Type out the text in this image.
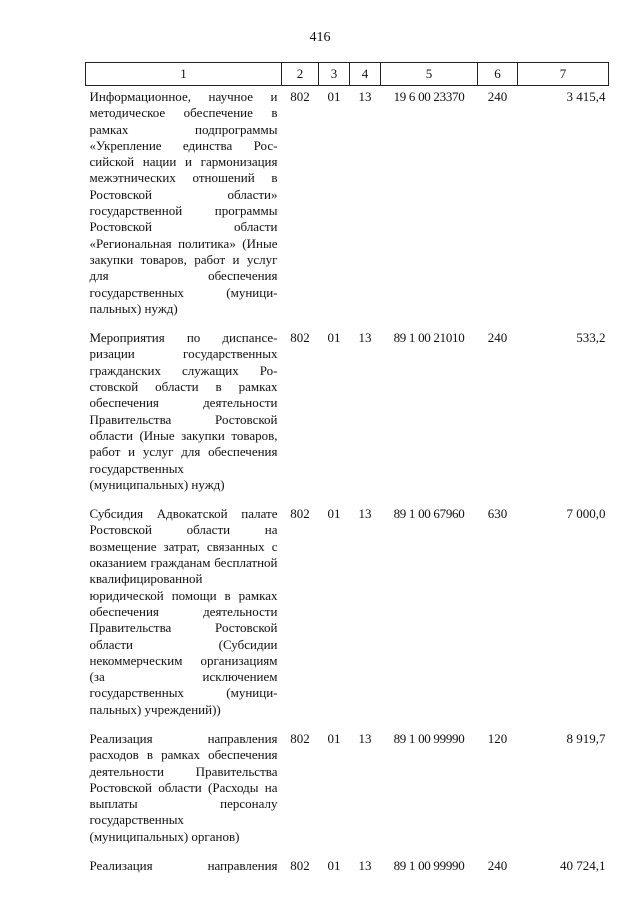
416
1	2	3	4	5	6	7
Информационное, научное и методическое обеспечение в рамках подпрограммы «Укрепление единства Российской нации и гармонизация межэтнических отношений в Ростовской области» государственной программы Ростовской области «Региональная политика» (Иные закупки товаров, работ и услуг для обеспечения государственных (муниципальных) нужд)	802	01	13	19 6 00 23370	240	3 415,4
Мероприятия по диспансеризации государственных гражданских служащих Ростовской области в рамках обеспечения деятельности Правительства Ростовской области (Иные закупки товаров, работ и услуг для обеспечения государственных (муниципальных) нужд)	802	01	13	89 1 00 21010	240	533,2
Субсидия Адвокатской палате Ростовской области на возмещение затрат, связанных с оказанием гражданам бесплатной квалифицированной юридической помощи в рамках обеспечения деятельности Правительства Ростовской области (Субсидии некоммерческим организациям (за исключением государственных (муниципальных) учреждений))	802	01	13	89 1 00 67960	630	7 000,0
Реализация направления расходов в рамках обеспечения деятельности Правительства Ростовской области (Расходы на выплаты персоналу государственных (муниципальных) органов)	802	01	13	89 1 00 99990	120	8 919,7
Реализация направления	802	01	13	89 1 00 99990	240	40 724,1
